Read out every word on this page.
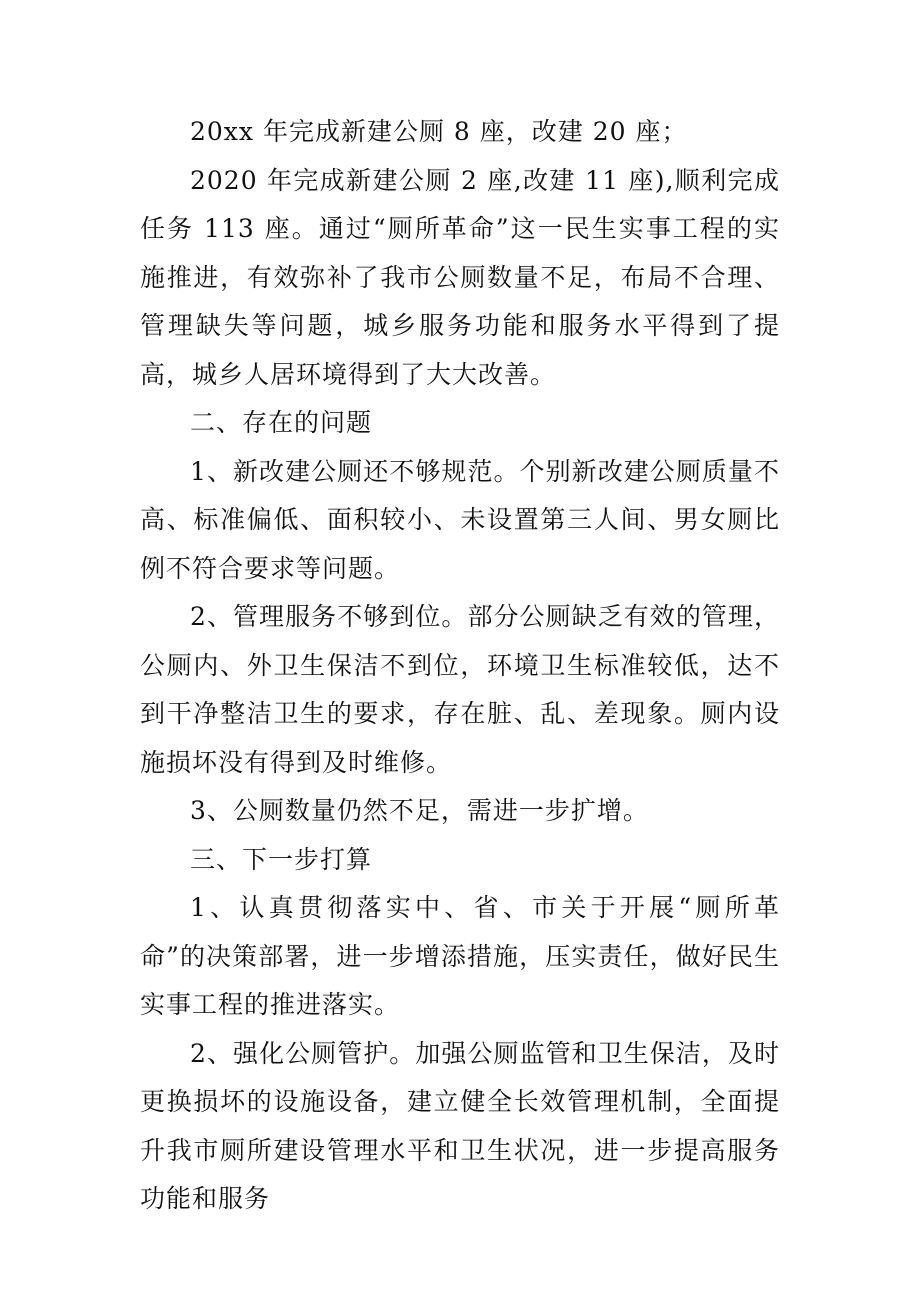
20xx 年完成新建公厕 8 座，改建 20 座；

2020 年完成新建公厕 2 座,改建 11 座),顺利完成任务 113 座。通过“厕所革命”这一民生实事工程的实施推进，有效弥补了我市公厕数量不足，布局不合理、管理缺失等问题，城乡服务功能和服务水平得到了提高，城乡人居环境得到了大大改善。

二、存在的问题

1、新改建公厕还不够规范。个别新改建公厕质量不高、标准偏低、面积较小、未设置第三人间、男女厕比例不符合要求等问题。

2、管理服务不够到位。部分公厕缺乏有效的管理，公厕内、外卫生保洁不到位，环境卫生标准较低，达不到干净整洁卫生的要求，存在脏、乱、差现象。厕内设施损坏没有得到及时维修。

3、公厕数量仍然不足，需进一步扩增。

三、下一步打算

1、认真贯彻落实中、省、市关于开展“厕所革命”的决策部署，进一步增添措施，压实责任，做好民生实事工程的推进落实。

2、强化公厕管护。加强公厕监管和卫生保洁，及时更换损坏的设施设备，建立健全长效管理机制，全面提升我市厕所建设管理水平和卫生状况，进一步提高服务功能和服务
